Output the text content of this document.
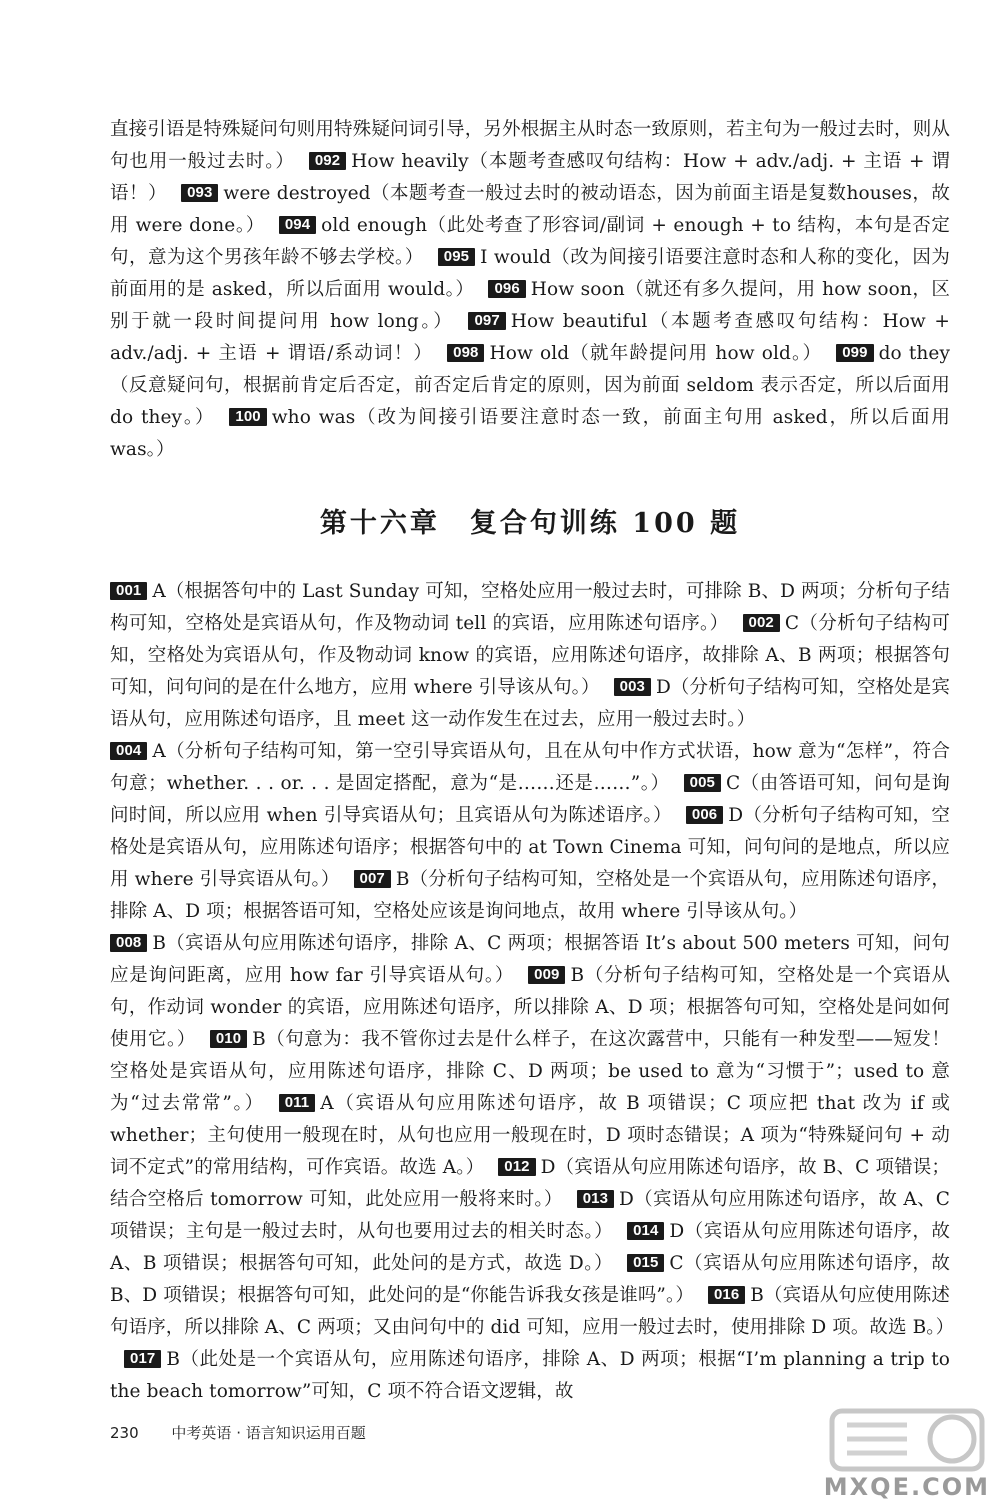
直接引语是特殊疑问句则用特殊疑问词引导，另外根据主从时态一致原则，若主句为一般过去时，则从句也用一般过去时。） 092 How heavily（本题考查感叹句结构：How + adv./adj. + 主语 + 谓语！） 093 were destroyed（本题考查一般过去时的被动语态，因为前面主语是复数houses，故用 were done。） 094 old enough（此处考查了形容词/副词 + enough + to 结构，本句是否定句，意为这个男孩年龄不够去学校。） 095 I would（改为间接引语要注意时态和人称的变化，因为前面用的是 asked，所以后面用 would。） 096 How soon（就还有多久提问，用 how soon，区别于就一段时间提问用 how long。） 097 How beautiful（本题考查感叹句结构：How + adv./adj. + 主语 + 谓语/系动词！） 098 How old（就年龄提问用 how old。） 099 do they（反意疑问句，根据前肯定后否定，前否定后肯定的原则，因为前面 seldom 表示否定，所以后面用 do they。） 100 who was（改为间接引语要注意时态一致，前面主句用 asked，所以后面用 was。）

第十六章　复合句训练 100 题

001 A（根据答句中的 Last Sunday 可知，空格处应用一般过去时，可排除 B、D 两项；分析句子结构可知，空格处是宾语从句，作及物动词 tell 的宾语，应用陈述句语序。） 002 C（分析句子结构可知，空格处为宾语从句，作及物动词 know 的宾语，应用陈述句语序，故排除 A、B 两项；根据答句可知，问句问的是在什么地方，应用 where 引导该从句。） 003 D（分析句子结构可知，空格处是宾语从句，应用陈述句语序，且 meet 这一动作发生在过去，应用一般过去时。）

004 A（分析句子结构可知，第一空引导宾语从句，且在从句中作方式状语，how 意为“怎样”，符合句意；whether. . . or. . . 是固定搭配，意为“是……还是……”。） 005 C（由答语可知，问句是询问时间，所以应用 when 引导宾语从句；且宾语从句为陈述语序。） 006 D（分析句子结构可知，空格处是宾语从句，应用陈述句语序；根据答句中的 at Town Cinema 可知，问句问的是地点，所以应用 where 引导宾语从句。） 007 B（分析句子结构可知，空格处是一个宾语从句，应用陈述句语序，排除 A、D 项；根据答语可知，空格处应该是询问地点，故用 where 引导该从句。）

008 B（宾语从句应用陈述句语序，排除 A、C 两项；根据答语 It’s about 500 meters 可知，问句应是询问距离，应用 how far 引导宾语从句。） 009 B（分析句子结构可知，空格处是一个宾语从句，作动词 wonder 的宾语，应用陈述句语序，所以排除 A、D 项；根据答句可知，空格处是问如何使用它。） 010 B（句意为：我不管你过去是什么样子，在这次露营中，只能有一种发型——短发！空格处是宾语从句，应用陈述句语序，排除 C、D 两项；be used to 意为“习惯于”；used to 意为“过去常常”。） 011 A（宾语从句应用陈述句语序，故 B 项错误；C 项应把 that 改为 if 或 whether；主句使用一般现在时，从句也应用一般现在时，D 项时态错误；A 项为“特殊疑问句 + 动词不定式”的常用结构，可作宾语。故选 A。） 012 D（宾语从句应用陈述句语序，故 B、C 项错误；结合空格后 tomorrow 可知，此处应用一般将来时。） 013 D（宾语从句应用陈述句语序，故 A、C 项错误；主句是一般过去时，从句也要用过去的相关时态。） 014 D（宾语从句应用陈述句语序，故 A、B 项错误；根据答句可知，此处问的是方式，故选 D。） 015 C（宾语从句应用陈述句语序，故 B、D 项错误；根据答句可知，此处问的是“你能告诉我女孩是谁吗”。） 016 B（宾语从句应使用陈述句语序，所以排除 A、C 两项；又由问句中的 did 可知，应用一般过去时，使用排除 D 项。故选 B。）017 B（此处是一个宾语从句，应用陈述句语序，排除 A、D 两项；根据“I’m planning a trip to the beach tomorrow”可知，C 项不符合语文逻辑，故

230 中考英语 · 语言知识运用百题
MXQE.COM
